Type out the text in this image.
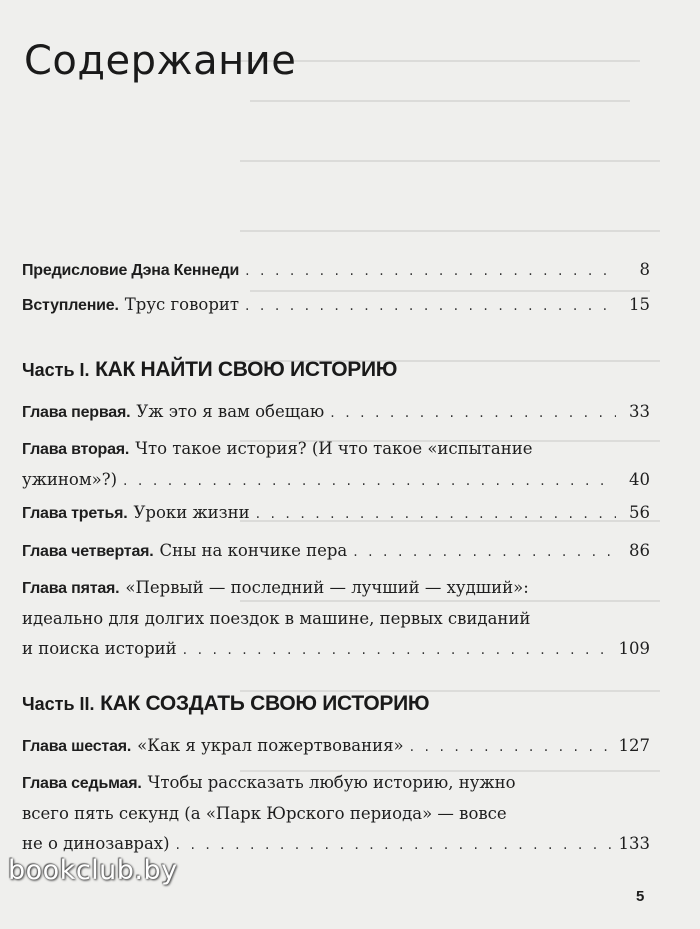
Содержание
Предисловие Дэна Кеннеди . . .	8
Вступление. Трус говорит . . .	15
Часть I. КАК НАЙТИ СВОЮ ИСТОРИЮ
Глава первая. Уж это я вам обещаю . . .	33
Глава вторая. Что такое история? (И что такое «испытание
ужином»?) . . .	40
Глава третья. Уроки жизни . . .	56
Глава четвертая. Сны на кончике пера . . .	86
Глава пятая. «Первый — последний — лучший — худший»:
идеально для долгих поездок в машине, первых свиданий
и поиска историй . . .	109
Часть II. КАК СОЗДАТЬ СВОЮ ИСТОРИЮ
Глава шестая. «Как я украл пожертвования» . . .	127
Глава седьмая. Чтобы рассказать любую историю, нужно
всего пять секунд (а «Парк Юрского периода» — вовсе
не о динозаврах) . . .	133
bookclub.by
5
